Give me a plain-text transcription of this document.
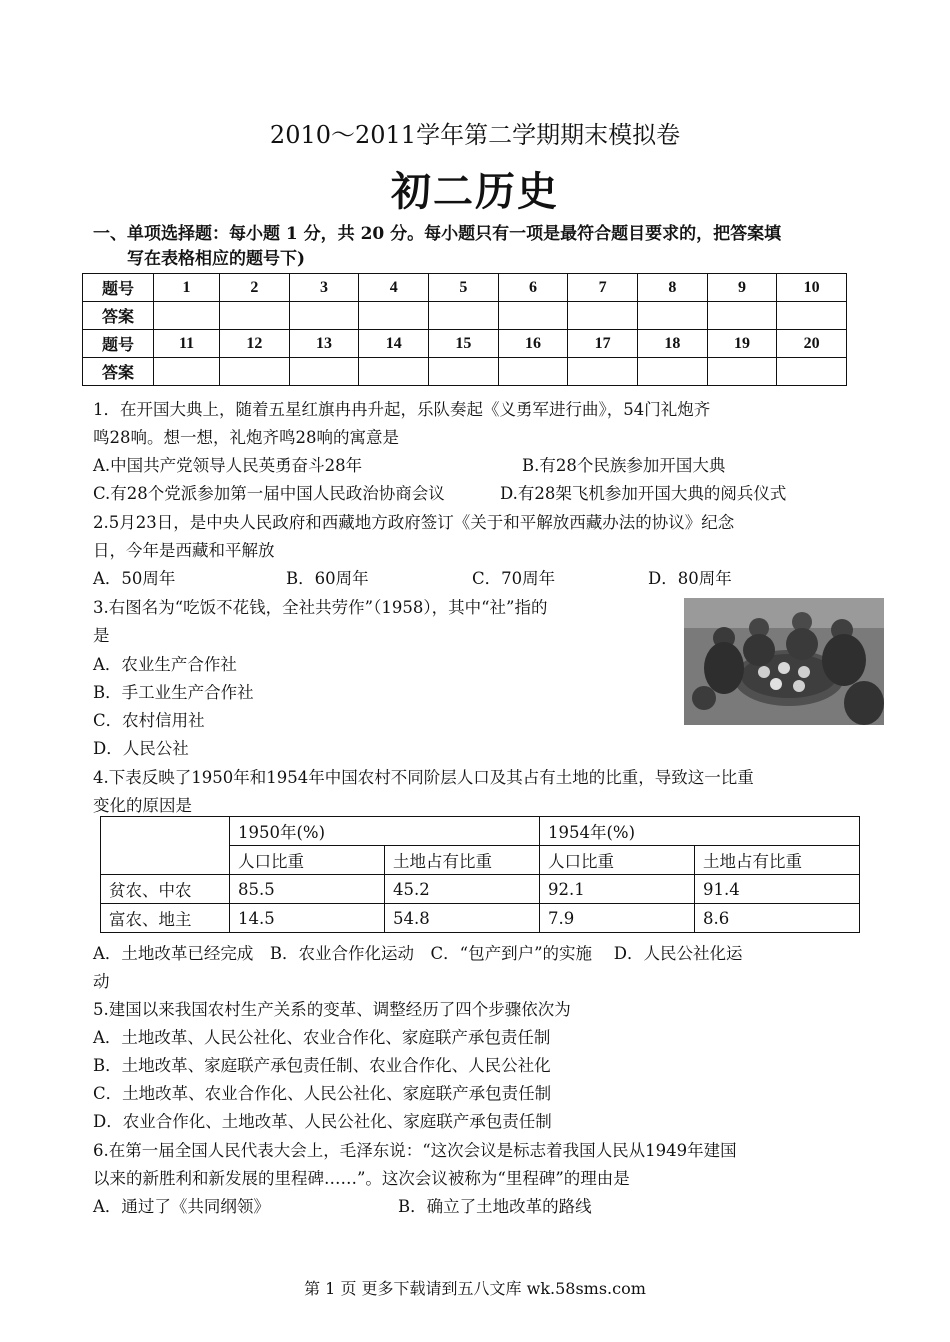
2010～2011学年第二学期期末模拟卷
初二历史
一、单项选择题：每小题 1 分，共 20 分。每小题只有一项是最符合题目要求的，把答案填
写在表格相应的题号下)
题号	1	2	3	4	5	6	7	8	9	10
答案										
题号	11	12	13	14	15	16	17	18	19	20
答案										
1．在开国大典上，随着五星红旗冉冉升起，乐队奏起《义勇军进行曲》，54门礼炮齐
鸣28响。想一想，礼炮齐鸣28响的寓意是
A.中国共产党领导人民英勇奋斗28年	B.有28个民族参加开国大典
C.有28个党派参加第一届中国人民政治协商会议	D.有28架飞机参加开国大典的阅兵仪式
2.5月23日，是中央人民政府和西藏地方政府签订《关于和平解放西藏办法的协议》纪念
日，今年是西藏和平解放
A．50周年	B．60周年	C．70周年	D．80周年
3.右图名为“吃饭不花钱，全社共劳作”（1958），其中“社”指的
是
A．农业生产合作社
B．手工业生产合作社
C．农村信用社
D．人民公社
4.下表反映了1950年和1954年中国农村不同阶层人口及其占有土地的比重，导致这一比重
变化的原因是
	1950年(%)		1954年(%)	
	人口比重	土地占有比重	人口比重	土地占有比重
贫农、中农	85.5	45.2	92.1	91.4
富农、地主	14.5	54.8	7.9	8.6
A．土地改革已经完成　B．农业合作化运动　C．“包产到户”的实施　 D．人民公社化运
动
5.建国以来我国农村生产关系的变革、调整经历了四个步骤依次为
A．土地改革、人民公社化、农业合作化、家庭联产承包责任制
B．土地改革、家庭联产承包责任制、农业合作化、人民公社化
C．土地改革、农业合作化、人民公社化、家庭联产承包责任制
D．农业合作化、土地改革、人民公社化、家庭联产承包责任制
6.在第一届全国人民代表大会上，毛泽东说：“这次会议是标志着我国人民从1949年建国
以来的新胜利和新发展的里程碑……”。这次会议被称为“里程碑”的理由是
A．通过了《共同纲领》	B．确立了土地改革的路线
第 1 页 更多下载请到五八文库 wk.58sms.com
